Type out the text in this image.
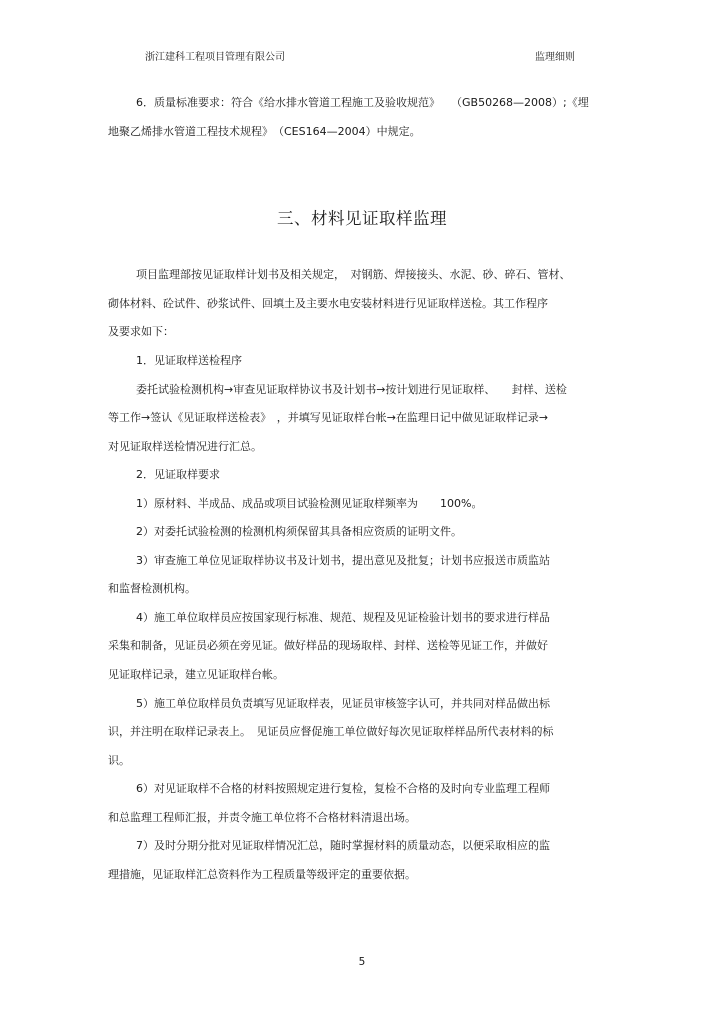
浙江建科工程项目管理有限公司	监理细则
6．质量标准要求：符合《给水排水管道工程施工及验收规范》　　（GB50268—2008）;《埋
地聚乙烯排水管道工程技术规程》　（CES164—2004）中规定。
三、材料见证取样监理
项目监理部按见证取样计划书及相关规定，　对钢筋、焊接接头、水泥、砂、碎石、管材、
砌体材料、砼试件、砂浆试件、回填土及主要水电安装材料进行见证取样送检。其工作程序
及要求如下：
1．见证取样送检程序
委托试验检测机构→审查见证取样协议书及计划书→按计划进行见证取样、　　封样、送检
等工作→签认《见证取样送检表》　，并填写见证取样台帐→在监理日记中做见证取样记录→
对见证取样送检情况进行汇总。
2．见证取样要求
1）原材料、半成品、成品或项目试验检测见证取样频率为　　100%。
2）对委托试验检测的检测机构须保留其具备相应资质的证明文件。
3）审查施工单位见证取样协议书及计划书，提出意见及批复；计划书应报送市质监站
和监督检测机构。
4）施工单位取样员应按国家现行标准、规范、规程及见证检验计划书的要求进行样品
采集和制备，见证员必须在旁见证。做好样品的现场取样、封样、送检等见证工作，并做好
见证取样记录，建立见证取样台帐。
5）施工单位取样员负责填写见证取样表，见证员审核签字认可，并共同对样品做出标
识，并注明在取样记录表上。　见证员应督促施工单位做好每次见证取样样品所代表材料的标
识。
6）对见证取样不合格的材料按照规定进行复检，复检不合格的及时向专业监理工程师
和总监理工程师汇报，并责令施工单位将不合格材料清退出场。
7）及时分期分批对见证取样情况汇总，随时掌握材料的质量动态，以便采取相应的监
理措施，见证取样汇总资料作为工程质量等级评定的重要依据。
5
